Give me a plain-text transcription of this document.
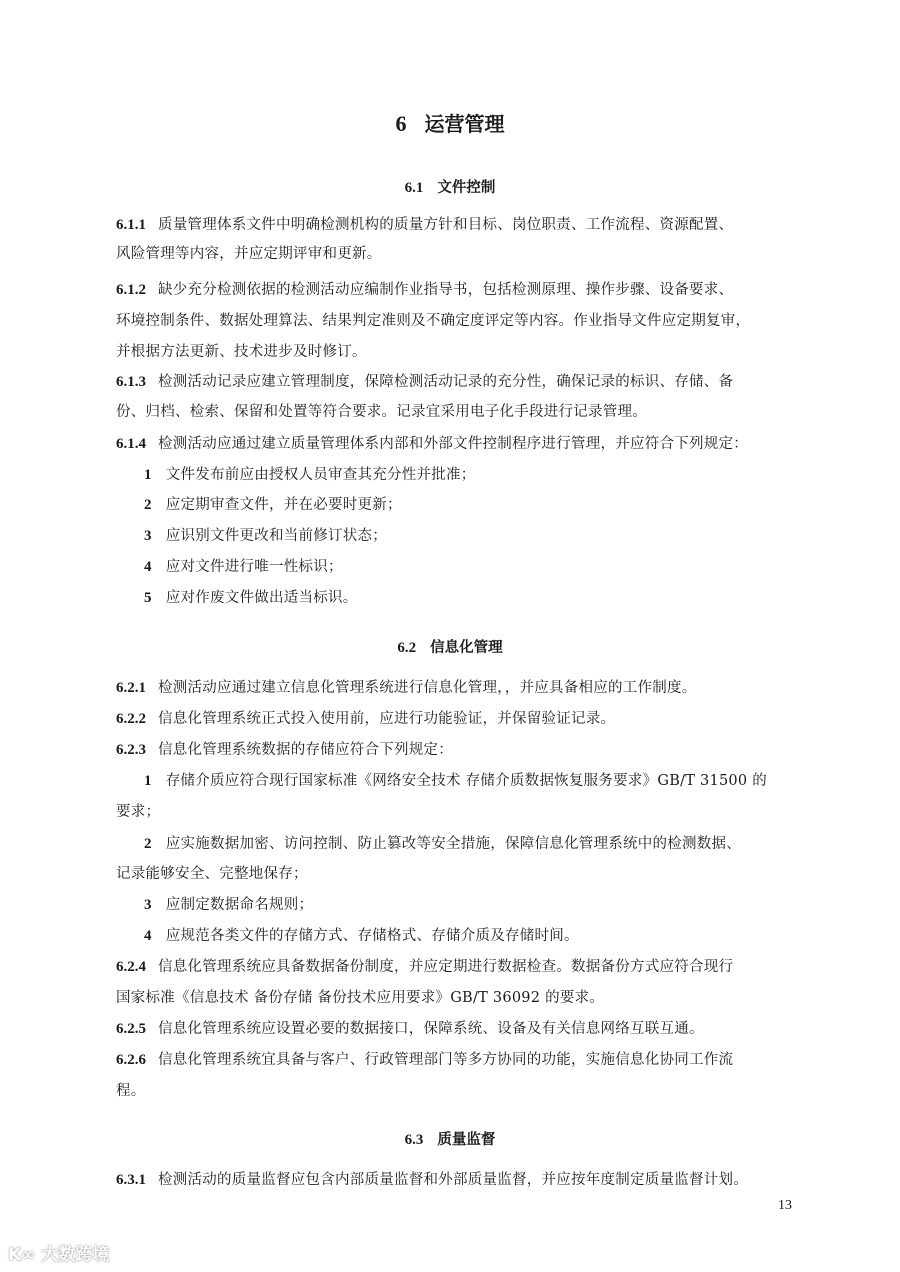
6 运营管理
6.1 文件控制
6.1.1 质量管理体系文件中明确检测机构的质量方针和目标、岗位职责、工作流程、资源配置、
风险管理等内容，并应定期评审和更新。
6.1.2 缺少充分检测依据的检测活动应编制作业指导书，包括检测原理、操作步骤、设备要求、
环境控制条件、数据处理算法、结果判定准则及不确定度评定等内容。作业指导文件应定期复审，
并根据方法更新、技术进步及时修订。
6.1.3 检测活动记录应建立管理制度，保障检测活动记录的充分性，确保记录的标识、存储、备
份、归档、检索、保留和处置等符合要求。记录宜采用电子化手段进行记录管理。
6.1.4 检测活动应通过建立质量管理体系内部和外部文件控制程序进行管理，并应符合下列规定：
1 文件发布前应由授权人员审查其充分性并批准；
2 应定期审查文件，并在必要时更新；
3 应识别文件更改和当前修订状态；
4 应对文件进行唯一性标识；
5 应对作废文件做出适当标识。
6.2 信息化管理
6.2.1 检测活动应通过建立信息化管理系统进行信息化管理，，并应具备相应的工作制度。
6.2.2 信息化管理系统正式投入使用前，应进行功能验证，并保留验证记录。
6.2.3 信息化管理系统数据的存储应符合下列规定：
1 存储介质应符合现行国家标准《网络安全技术 存储介质数据恢复服务要求》GB/T 31500 的
要求；
2 应实施数据加密、访问控制、防止篡改等安全措施，保障信息化管理系统中的检测数据、
记录能够安全、完整地保存；
3 应制定数据命名规则；
4 应规范各类文件的存储方式、存储格式、存储介质及存储时间。
6.2.4 信息化管理系统应具备数据备份制度，并应定期进行数据检查。数据备份方式应符合现行
国家标准《信息技术 备份存储 备份技术应用要求》GB/T 36092 的要求。
6.2.5 信息化管理系统应设置必要的数据接口，保障系统、设备及有关信息网络互联互通。
6.2.6 信息化管理系统宜具备与客户、行政管理部门等多方协同的功能，实施信息化协同工作流
程。
6.3 质量监督
6.3.1 检测活动的质量监督应包含内部质量监督和外部质量监督，并应按年度制定质量监督计划。
13
K∞ 大数跨境
